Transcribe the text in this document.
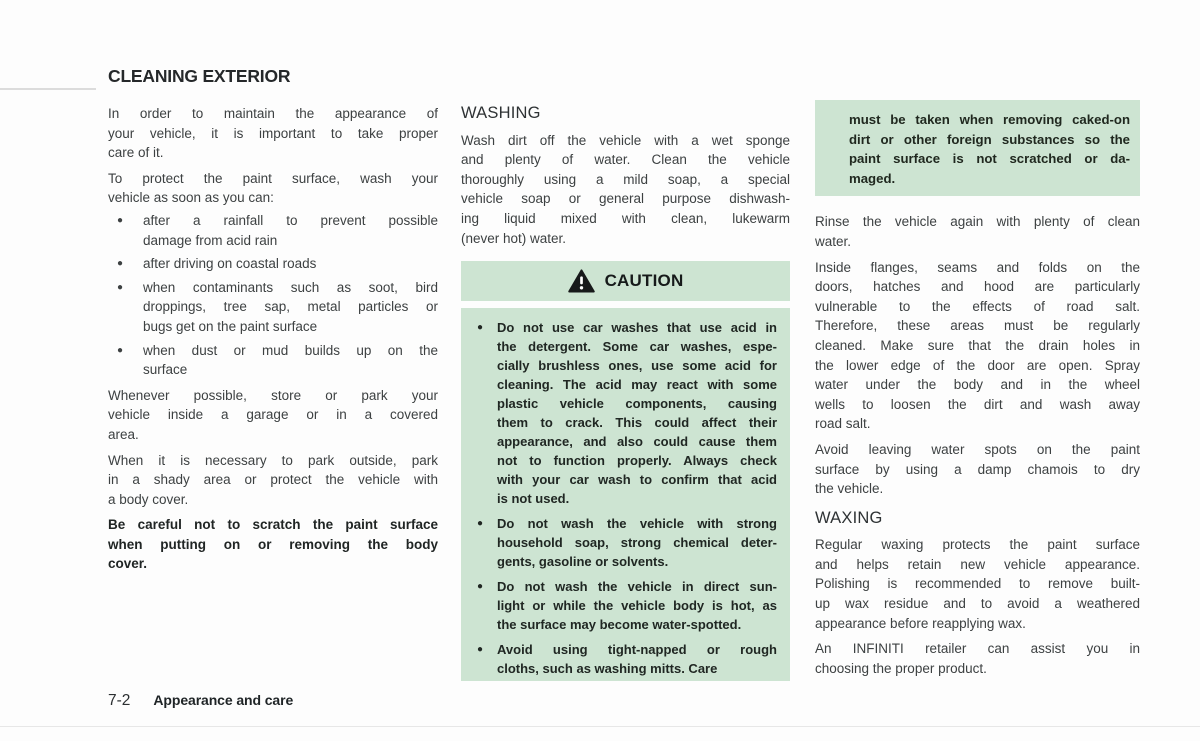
CLEANING EXTERIOR
In order to maintain the appearance of
your vehicle, it is important to take proper
care of it.
To protect the paint surface, wash your
vehicle as soon as you can:
●	after a rainfall to prevent possible
damage from acid rain
●	after driving on coastal roads
●	when contaminants such as soot, bird
droppings, tree sap, metal particles or
bugs get on the paint surface
●	when dust or mud builds up on the
surface
Whenever possible, store or park your
vehicle inside a garage or in a covered
area.
When it is necessary to park outside, park
in a shady area or protect the vehicle with
a body cover.
Be careful not to scratch the paint surface
when putting on or removing the body
cover.
WASHING
Wash dirt off the vehicle with a wet sponge
and plenty of water. Clean the vehicle
thoroughly using a mild soap, a special
vehicle soap or general purpose dishwash-
ing liquid mixed with clean, lukewarm
(never hot) water.
CAUTION
●	Do not use car washes that use acid in
the detergent. Some car washes, espe-
cially brushless ones, use some acid for
cleaning. The acid may react with some
plastic vehicle components, causing
them to crack. This could affect their
appearance, and also could cause them
not to function properly. Always check
with your car wash to confirm that acid
is not used.
●	Do not wash the vehicle with strong
household soap, strong chemical deter-
gents, gasoline or solvents.
●	Do not wash the vehicle in direct sun-
light or while the vehicle body is hot, as
the surface may become water-spotted.
●	Avoid using tight-napped or rough
cloths, such as washing mitts. Care
must be taken when removing caked-on
dirt or other foreign substances so the
paint surface is not scratched or da-
maged.
Rinse the vehicle again with plenty of clean
water.
Inside flanges, seams and folds on the
doors, hatches and hood are particularly
vulnerable to the effects of road salt.
Therefore, these areas must be regularly
cleaned. Make sure that the drain holes in
the lower edge of the door are open. Spray
water under the body and in the wheel
wells to loosen the dirt and wash away
road salt.
Avoid leaving water spots on the paint
surface by using a damp chamois to dry
the vehicle.
WAXING
Regular waxing protects the paint surface
and helps retain new vehicle appearance.
Polishing is recommended to remove built-
up wax residue and to avoid a weathered
appearance before reapplying wax.
An INFINITI retailer can assist you in
choosing the proper product.
7-2 Appearance and care
